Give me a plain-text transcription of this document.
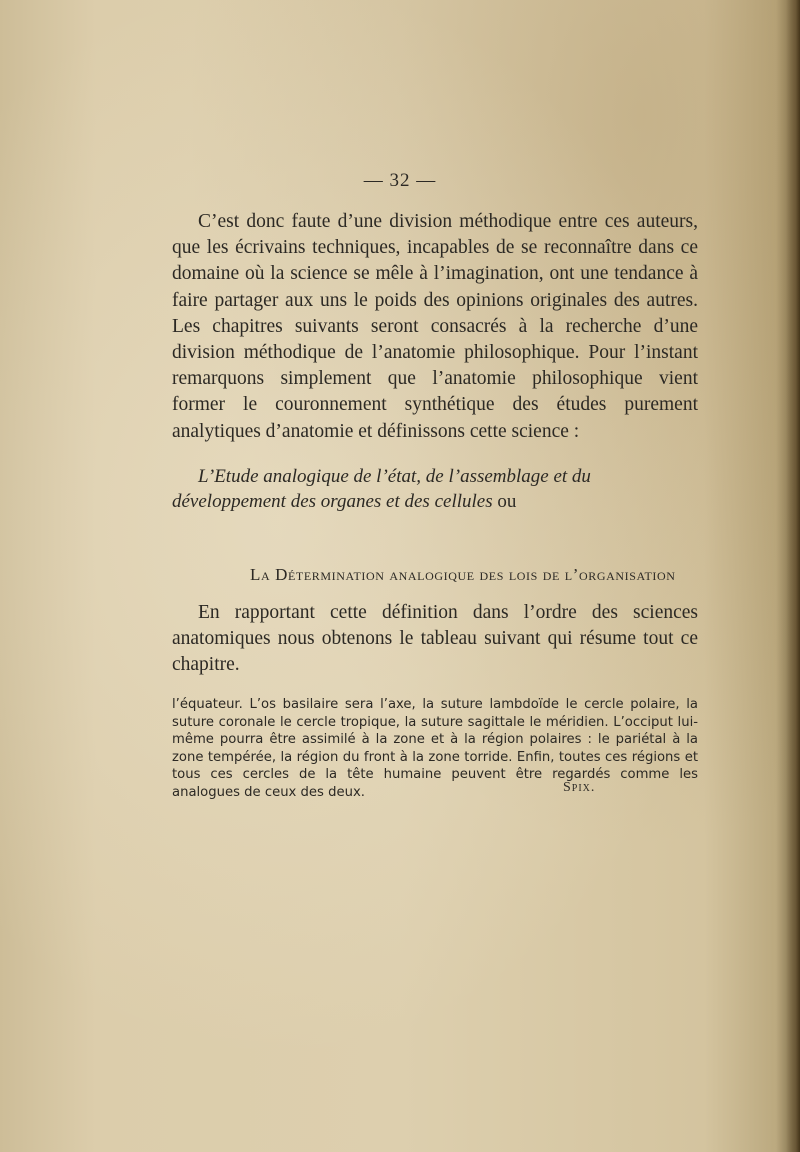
— 32 —

C’est donc faute d’une division méthodique entre ces auteurs, que les écrivains techniques, incapables de se reconnaître dans ce domaine où la science se mêle à l’imagination, ont une tendance à faire partager aux uns le poids des opinions originales des autres. Les chapitres suivants seront consacrés à la recherche d’une division méthodique de l’anatomie philosophique. Pour l’instant remarquons simplement que l’anatomie philosophique vient former le couronnement synthétique des études purement analytiques d’anatomie et définissons cette science :

L’Etude analogique de l’état, de l’assemblage et du développement des organes et des cellules ou

La Détermination analogique des lois de l’organisation

En rapportant cette définition dans l’ordre des sciences anatomiques nous obtenons le tableau suivant qui résume tout ce chapitre.

l’équateur. L’os basilaire sera l’axe, la suture lambdoïde le cercle polaire, la suture coronale le cercle tropique, la suture sagittale le méridien. L’occiput lui-même pourra être assimilé à la zone et à la région polaires : le pariétal à la zone tempérée, la région du front à la zone torride. Enfin, toutes ces régions et tous ces cercles de la tête humaine peuvent être regardés comme les analogues de ceux des deux.	Spix.
